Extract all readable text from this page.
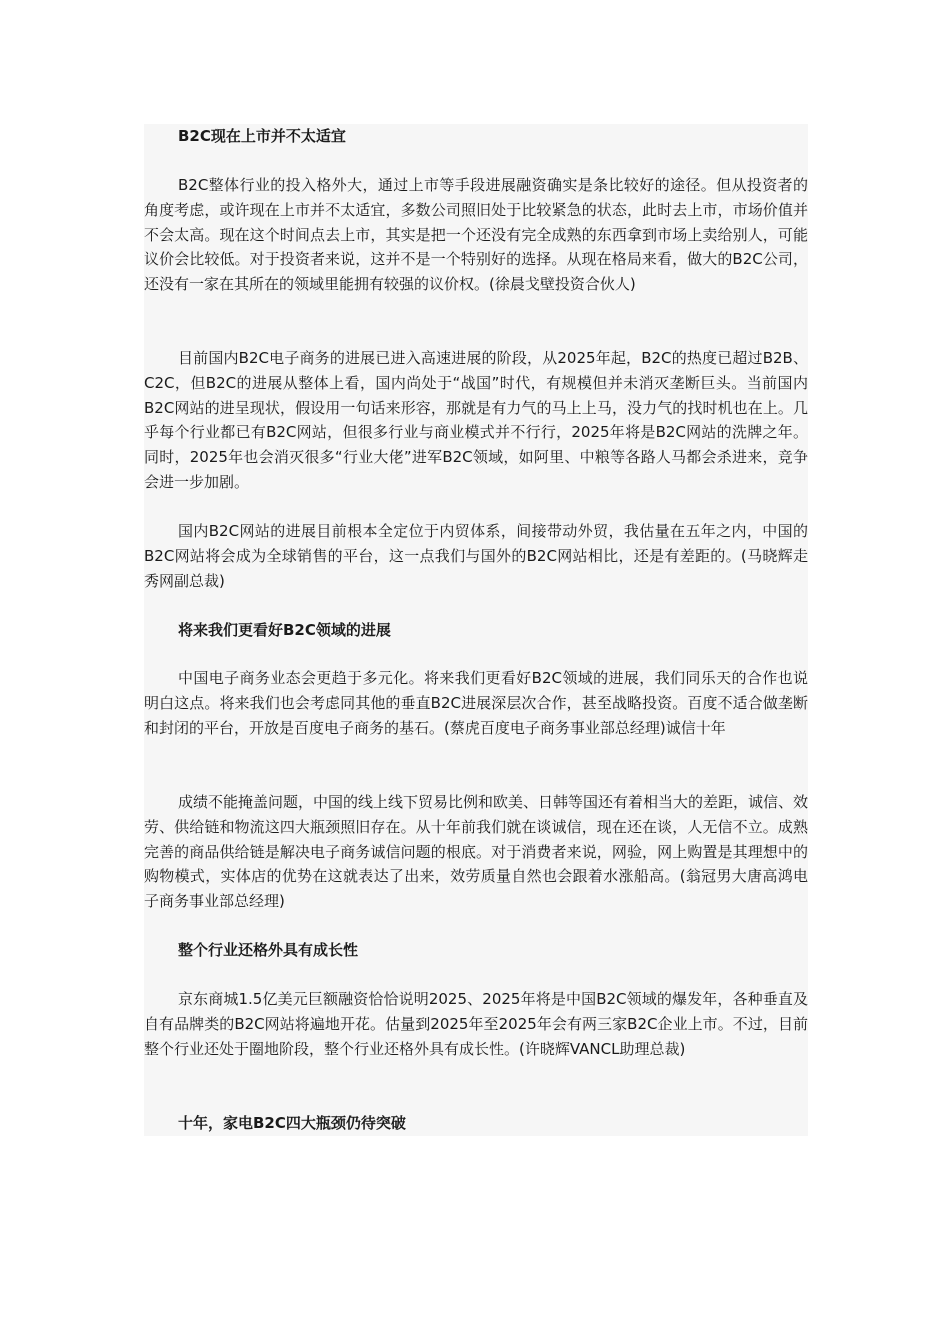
B2C现在上市并不太适宜

B2C整体行业的投入格外大，通过上市等手段进展融资确实是条比较好的途径。但从投资者的角度考虑，或许现在上市并不太适宜，多数公司照旧处于比较紧急的状态，此时去上市，市场价值并不会太高。现在这个时间点去上市，其实是把一个还没有完全成熟的东西拿到市场上卖给别人，可能议价会比较低。对于投资者来说，这并不是一个特别好的选择。从现在格局来看，做大的B2C公司，还没有一家在其所在的领域里能拥有较强的议价权。(徐晨戈壁投资合伙人)

目前国内B2C电子商务的进展已进入高速进展的阶段，从2025年起，B2C的热度已超过B2B、C2C，但B2C的进展从整体上看，国内尚处于“战国”时代，有规模但并未消灭垄断巨头。当前国内B2C网站的进呈现状，假设用一句话来形容，那就是有力气的马上上马，没力气的找时机也在上。几乎每个行业都已有B2C网站，但很多行业与商业模式并不行行，2025年将是B2C网站的洗牌之年。同时，2025年也会消灭很多“行业大佬”进军B2C领域，如阿里、中粮等各路人马都会杀进来，竞争会进一步加剧。

国内B2C网站的进展目前根本全定位于内贸体系，间接带动外贸，我估量在五年之内，中国的B2C网站将会成为全球销售的平台，这一点我们与国外的B2C网站相比，还是有差距的。(马晓辉走秀网副总裁)

将来我们更看好B2C领域的进展

中国电子商务业态会更趋于多元化。将来我们更看好B2C领域的进展，我们同乐天的合作也说明白这点。将来我们也会考虑同其他的垂直B2C进展深层次合作，甚至战略投资。百度不适合做垄断和封闭的平台，开放是百度电子商务的基石。(蔡虎百度电子商务事业部总经理)诚信十年

成绩不能掩盖问题，中国的线上线下贸易比例和欧美、日韩等国还有着相当大的差距，诚信、效劳、供给链和物流这四大瓶颈照旧存在。从十年前我们就在谈诚信，现在还在谈，人无信不立。成熟完善的商品供给链是解决电子商务诚信问题的根底。对于消费者来说，网验，网上购置是其理想中的购物模式，实体店的优势在这就表达了出来，效劳质量自然也会跟着水涨船高。(翁冠男大唐高鸿电子商务事业部总经理)

整个行业还格外具有成长性

京东商城1.5亿美元巨额融资恰恰说明2025、2025年将是中国B2C领域的爆发年，各种垂直及自有品牌类的B2C网站将遍地开花。估量到2025年至2025年会有两三家B2C企业上市。不过，目前整个行业还处于圈地阶段，整个行业还格外具有成长性。(许晓辉VANCL助理总裁)

十年，家电B2C四大瓶颈仍待突破
